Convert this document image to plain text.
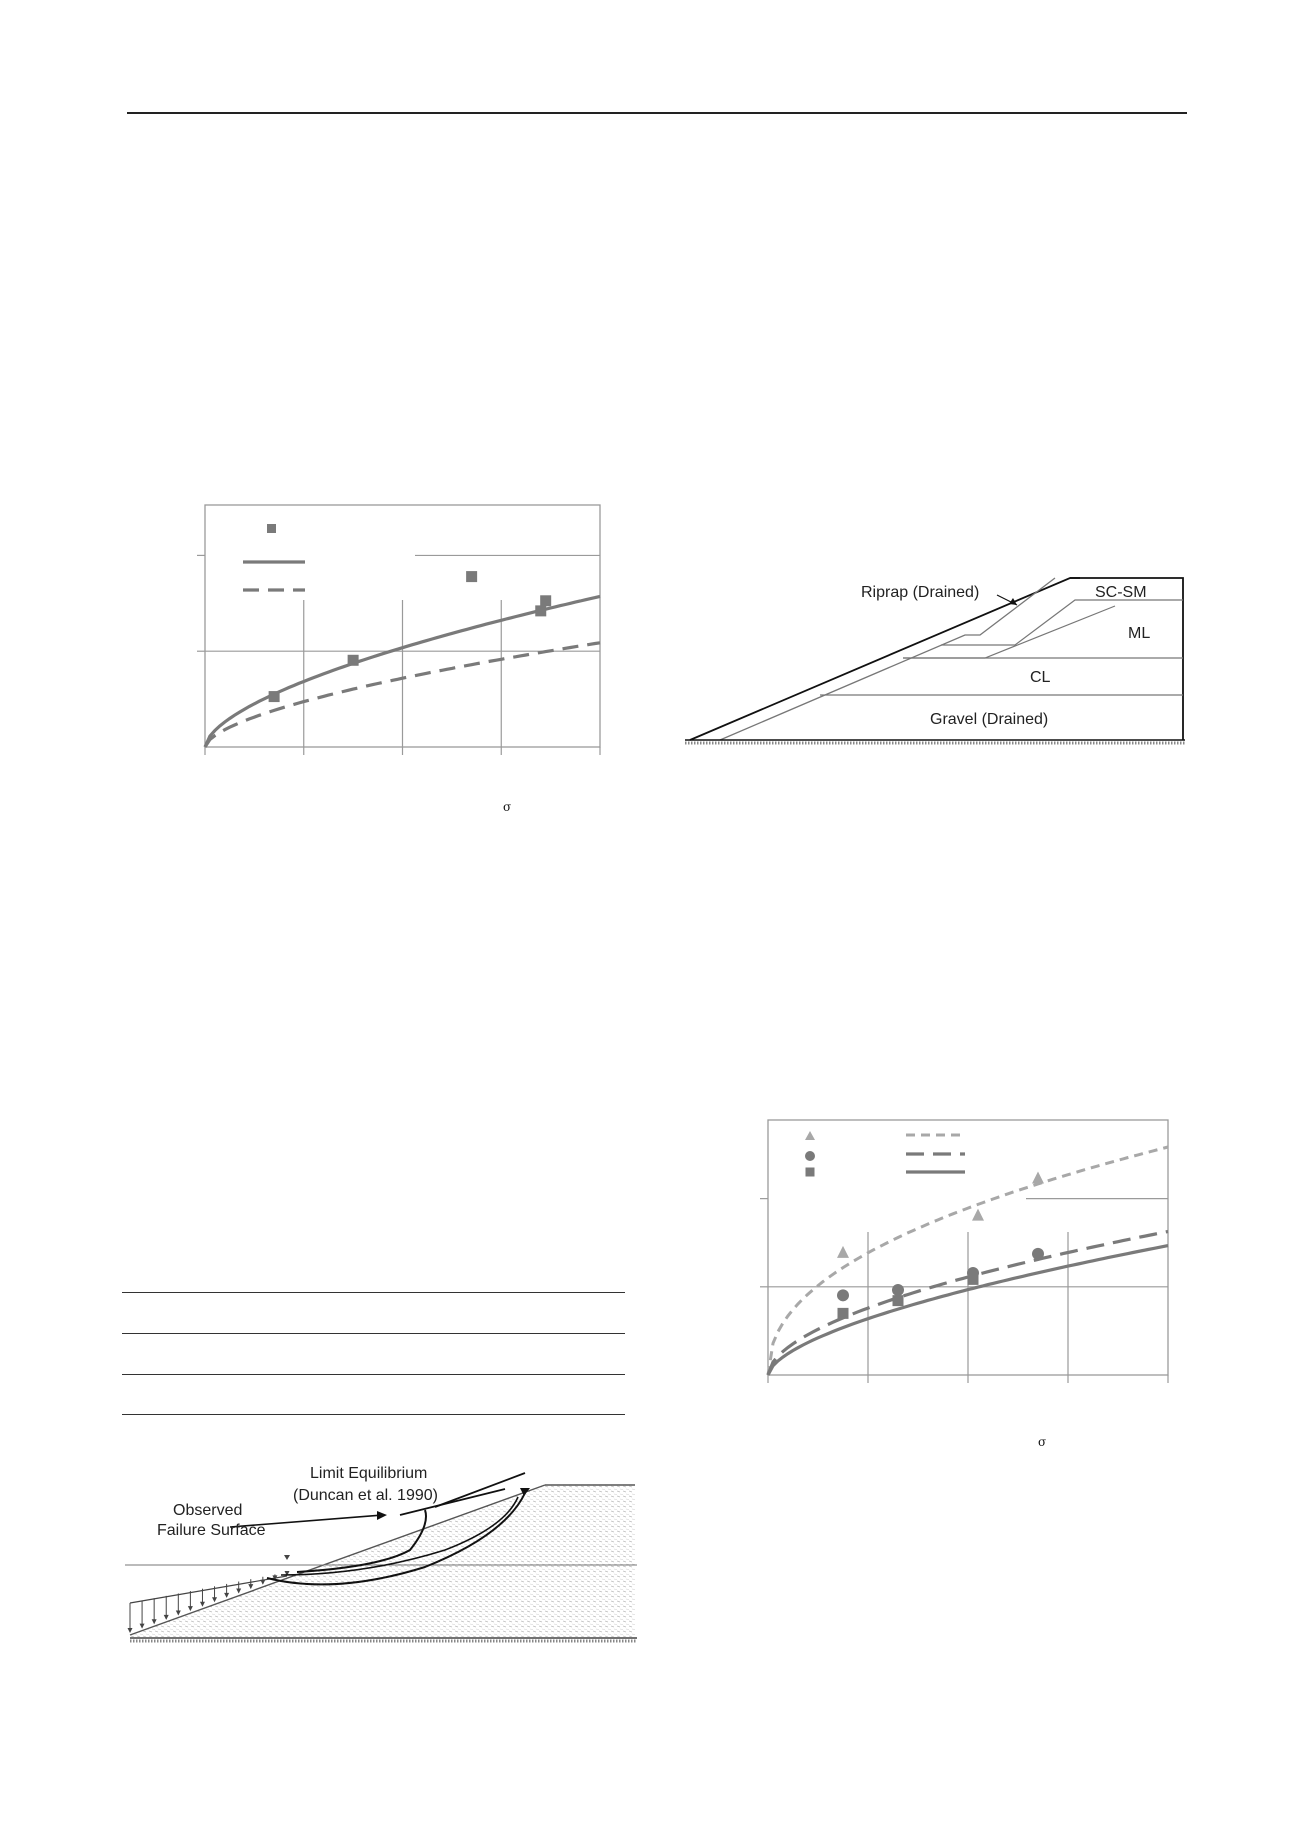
σ
σ
Riprap (Drained)	SC-SM
ML
CL
Gravel (Drained)
Limit Equilibrium
(Duncan et al. 1990)
Observed
Failure Surface
